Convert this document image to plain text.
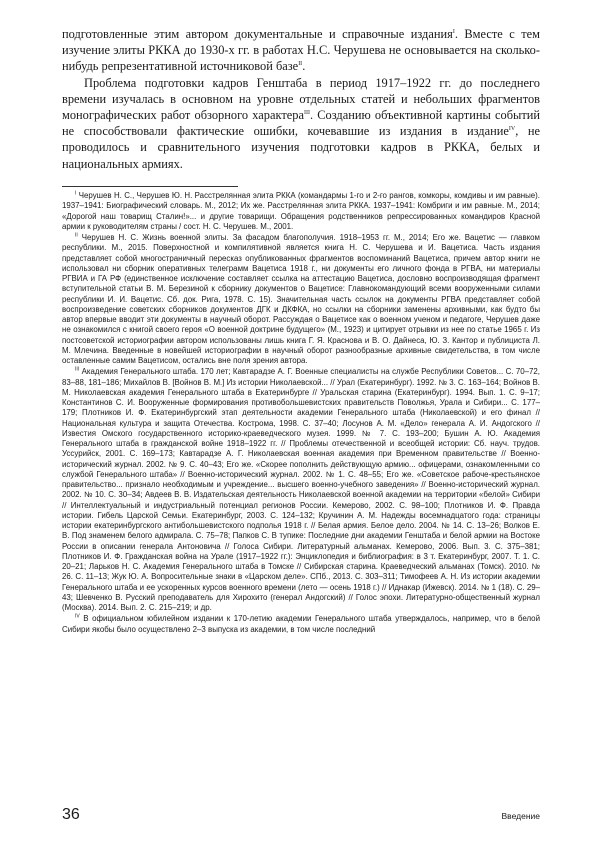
подготовленные этим автором документальные и справочные издания$^I$. Вместе с тем изучение элиты РККА до 1930-х гг. в работах Н.С. Черушева не основывается на сколько-нибудь репрезентативной источниковой базе$^{II}$.

Проблема подготовки кадров Генштаба в период 1917–1922 гг. до последнего времени изучалась в основном на уровне отдельных статей и небольших фрагментов монографических работ обзорного характера$^{III}$. Созданию объективной картины событий не способствовали фактические ошибки, кочевавшие из издания в издание$^{IV}$, не проводилось и сравнительного изучения подготовки кадров в РККА, белых и национальных армиях.

$^I$ Черушев Н. С., Черушев Ю. Н. Расстрелянная элита РККА (командармы 1-го и 2-го рангов, комкоры, комдивы и им равные). 1937–1941: Биографический словарь. М., 2012; Их же. Расстрелянная элита РККА. 1937–1941: Комбриги и им равные. М., 2014; «Дорогой наш товарищ Сталин!»... и другие товарищи. Обращения родственников репрессированных командиров Красной армии к руководителям страны / сост. Н. С. Черушев. М., 2001.

$^{II}$ Черушев Н. С. Жизнь военной элиты. За фасадом благополучия. 1918–1953 гг. М., 2014; Его же. Вацетис — главком республики. М., 2015. Поверхностной и компилятивной является книга Н. С. Черушева и И. Вацетиса. Часть издания представляет собой многостраничный пересказ опубликованных фрагментов воспоминаний Вацетиса, причем автор книги не использовал ни сборник оперативных телеграмм Вацетиса 1918 г., ни документы его личного фонда в РГВА, ни материалы РГВИА и ГА РФ (единственное исключение составляет ссылка на аттестацию Вацетиса, дословно воспроизводящая фрагмент вступительной статьи В. М. Березиной к сборнику документов о Вацетисе: Главнокомандующий всеми вооруженными силами республики И. И. Вацетис. Сб. док. Рига, 1978. С. 15). Значительная часть ссылок на документы РГВА представляет собой воспроизведение советских сборников документов ДГК и ДКФКА, но ссылки на сборники заменены архивными, как будто бы автор впервые вводит эти документы в научный оборот. Рассуждая о Вацетисе как о военном ученом и педагоге, Черушев даже не ознакомился с книгой своего героя «О военной доктрине будущего» (М., 1923) и цитирует отрывки из нее по статье 1965 г. Из постсоветской историографии автором использованы лишь книга Г. Я. Краснова и В. О. Дайнеса, Ю. З. Кантор и публициста Л. М. Млечина. Введенные в новейшей историографии в научный оборот разнообразные архивные свидетельства, в том числе оставленные самим Вацетисом, остались вне поля зрения автора.

$^{III}$ Академия Генерального штаба. 170 лет; Кавтарадзе А. Г. Военные специалисты на службе Республики Советов... С. 70–72, 83–88, 181–186; Михайлов В. [Войнов В. М.] Из истории Николаевской... // Урал (Екатеринбург). 1992. № 3. С. 163–164; Войнов В. М. Николаевская академия Генерального штаба в Екатеринбурге // Уральская старина (Екатеринбург). 1994. Вып. 1. С. 9–17; Константинов С. И. Вооруженные формирования противобольшевистских правительств Поволжья, Урала и Сибири... С. 177–179; Плотников И. Ф. Екатеринбургский этап деятельности академии Генерального штаба (Николаевской) и его финал // Национальная культура и защита Отечества. Кострома, 1998. С. 37–40; Лосунов А. М. «Дело» генерала А. И. Андогского // Известия Омского государственного историко-краеведческого музея. 1999. № 7. С. 193–200; Бушин А. Ю. Академия Генерального штаба в гражданской войне 1918–1922 гг. // Проблемы отечественной и всеобщей истории: Сб. науч. трудов. Уссурийск, 2001. С. 169–173; Кавтарадзе А. Г. Николаевская военная академия при Временном правительстве // Военно-исторический журнал. 2002. № 9. С. 40–43; Его же. «Скорее пополнить действующую армию... офицерами, ознакомленными со службой Генерального штаба» // Военно-исторический журнал. 2002. № 1. С. 48–55; Его же. «Советское рабоче-крестьянское правительство... признало необходимым и учреждение... высшего военно-учебного заведения» // Военно-исторический журнал. 2002. № 10. С. 30–34; Авдеев В. В. Издательская деятельность Николаевской военной академии на территории «белой» Сибири // Интеллектуальный и индустриальный потенциал регионов России. Кемерово, 2002. С. 98–100; Плотников И. Ф. Правда истории. Гибель Царской Семьи. Екатеринбург, 2003. С. 124–132; Кручинин А. М. Надежды восемнадцатого года: страницы истории екатеринбургского антибольшевистского подполья 1918 г. // Белая армия. Белое дело. 2004. № 14. С. 13–26; Волков Е. В. Под знаменем белого адмирала. С. 75–78; Папков С. В тупике: Последние дни академии Генштаба и белой армии на Востоке России в описании генерала Антоновича // Голоса Сибири. Литературный альманах. Кемерово, 2006. Вып. 3. С. 375–381; Плотников И. Ф. Гражданская война на Урале (1917–1922 гг.): Энциклопедия и библиография: в 3 т. Екатеринбург, 2007. Т. 1. С. 20–21; Ларьков Н. С. Академия Генерального штаба в Томске // Сибирская старина. Краеведческий альманах (Томск). 2010. № 26. С. 11–13; Жук Ю. А. Вопросительные знаки в «Царском деле». СПб., 2013. С. 303–311; Тимофеев А. Н. Из истории академии Генерального штаба и ее ускоренных курсов военного времени (лето — осень 1918 г.) // Иднакар (Ижевск). 2014. № 1 (18). С. 29–43; Шевченко В. Русский преподаватель для Хирохито (генерал Андогский) // Голос эпохи. Литературно-общественный журнал (Москва). 2014. Вып. 2. С. 215–219; и др.

$^{IV}$ В официальном юбилейном издании к 170-летию академии Генерального штаба утверждалось, например, что в белой Сибири якобы было осуществлено 2–3 выпуска из академии, в том числе последний

36	Введение
